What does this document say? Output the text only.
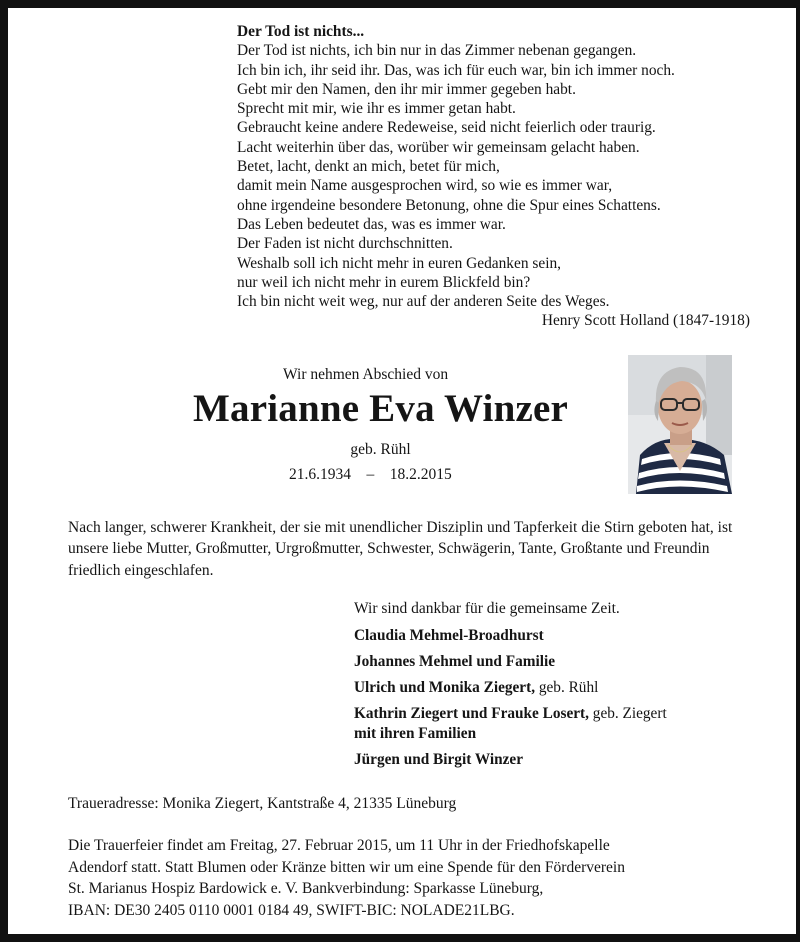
Der Tod ist nichts...
Der Tod ist nichts, ich bin nur in das Zimmer nebenan gegangen.
Ich bin ich, ihr seid ihr. Das, was ich für euch war, bin ich immer noch.
Gebt mir den Namen, den ihr mir immer gegeben habt.
Sprecht mit mir, wie ihr es immer getan habt.
Gebraucht keine andere Redeweise, seid nicht feierlich oder traurig.
Lacht weiterhin über das, worüber wir gemeinsam gelacht haben.
Betet, lacht, denkt an mich, betet für mich,
damit mein Name ausgesprochen wird, so wie es immer war,
ohne irgendeine besondere Betonung, ohne die Spur eines Schattens.
Das Leben bedeutet das, was es immer war.
Der Faden ist nicht durchschnitten.
Weshalb soll ich nicht mehr in euren Gedanken sein,
nur weil ich nicht mehr in eurem Blickfeld bin?
Ich bin nicht weit weg, nur auf der anderen Seite des Weges.
Henry Scott Holland (1847-1918)
Wir nehmen Abschied von
Marianne Eva Winzer
geb. Rühl
21.6.1934 – 18.2.2015
Nach langer, schwerer Krankheit, der sie mit unendlicher Disziplin und Tapferkeit die Stirn geboten hat, ist unsere liebe Mutter, Großmutter, Urgroßmutter, Schwester, Schwägerin, Tante, Großtante und Freundin friedlich eingeschlafen.
Wir sind dankbar für die gemeinsame Zeit.
Claudia Mehmel-Broadhurst
Johannes Mehmel und Familie
Ulrich und Monika Ziegert, geb. Rühl
Kathrin Ziegert und Frauke Losert, geb. Ziegert
mit ihren Familien
Jürgen und Birgit Winzer
Traueradresse: Monika Ziegert, Kantstraße 4, 21335 Lüneburg
Die Trauerfeier findet am Freitag, 27. Februar 2015, um 11 Uhr in der Friedhofskapelle
Adendorf statt. Statt Blumen oder Kränze bitten wir um eine Spende für den Förderverein
St. Marianus Hospiz Bardowick e. V. Bankverbindung: Sparkasse Lüneburg,
IBAN: DE30 2405 0110 0001 0184 49, SWIFT-BIC: NOLADE21LBG.
